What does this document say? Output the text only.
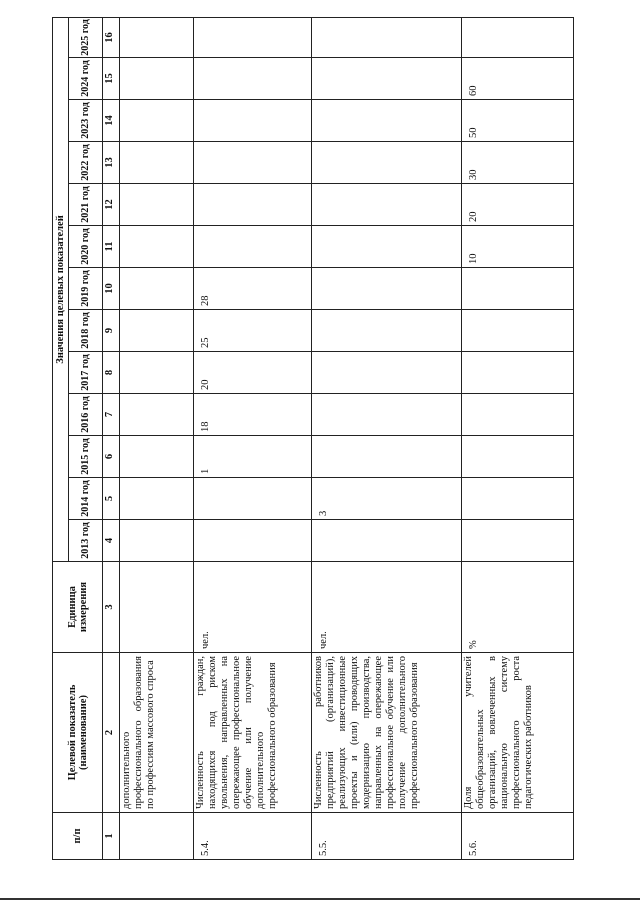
п/п	Целевой показатель (наименование)	Единица измерения	Значения целевых показателей												
			2013 год	2014 год	2015 год	2016 год	2017 год	2018 год	2019 год	2020 год	2021 год	2022 год	2023 год	2024 год	2025 год
1	2	3	4	5	6	7	8	9	10	11	12	13	14	15	16
	дополнительного профессионального образования по профессиям массового спроса														
5.4.	Численность граждан, находящихся под риском увольнения, направленных на опережающее профессиональное обучение или получение дополнительного профессионального образования	чел.			1	18	20	25	28						
5.5.	Численность работников предприятий (организаций), реализующих инвестиционные проекты и (или) проводящих модернизацию производства, направленных на опережающее профессиональное обучение или получение дополнительного профессионального образования	чел.		3											
5.6.	Доля учителей общеобразовательных организаций, вовлеченных в национальную систему профессионального роста педагогических работников	%								10	20	30	50	60	
